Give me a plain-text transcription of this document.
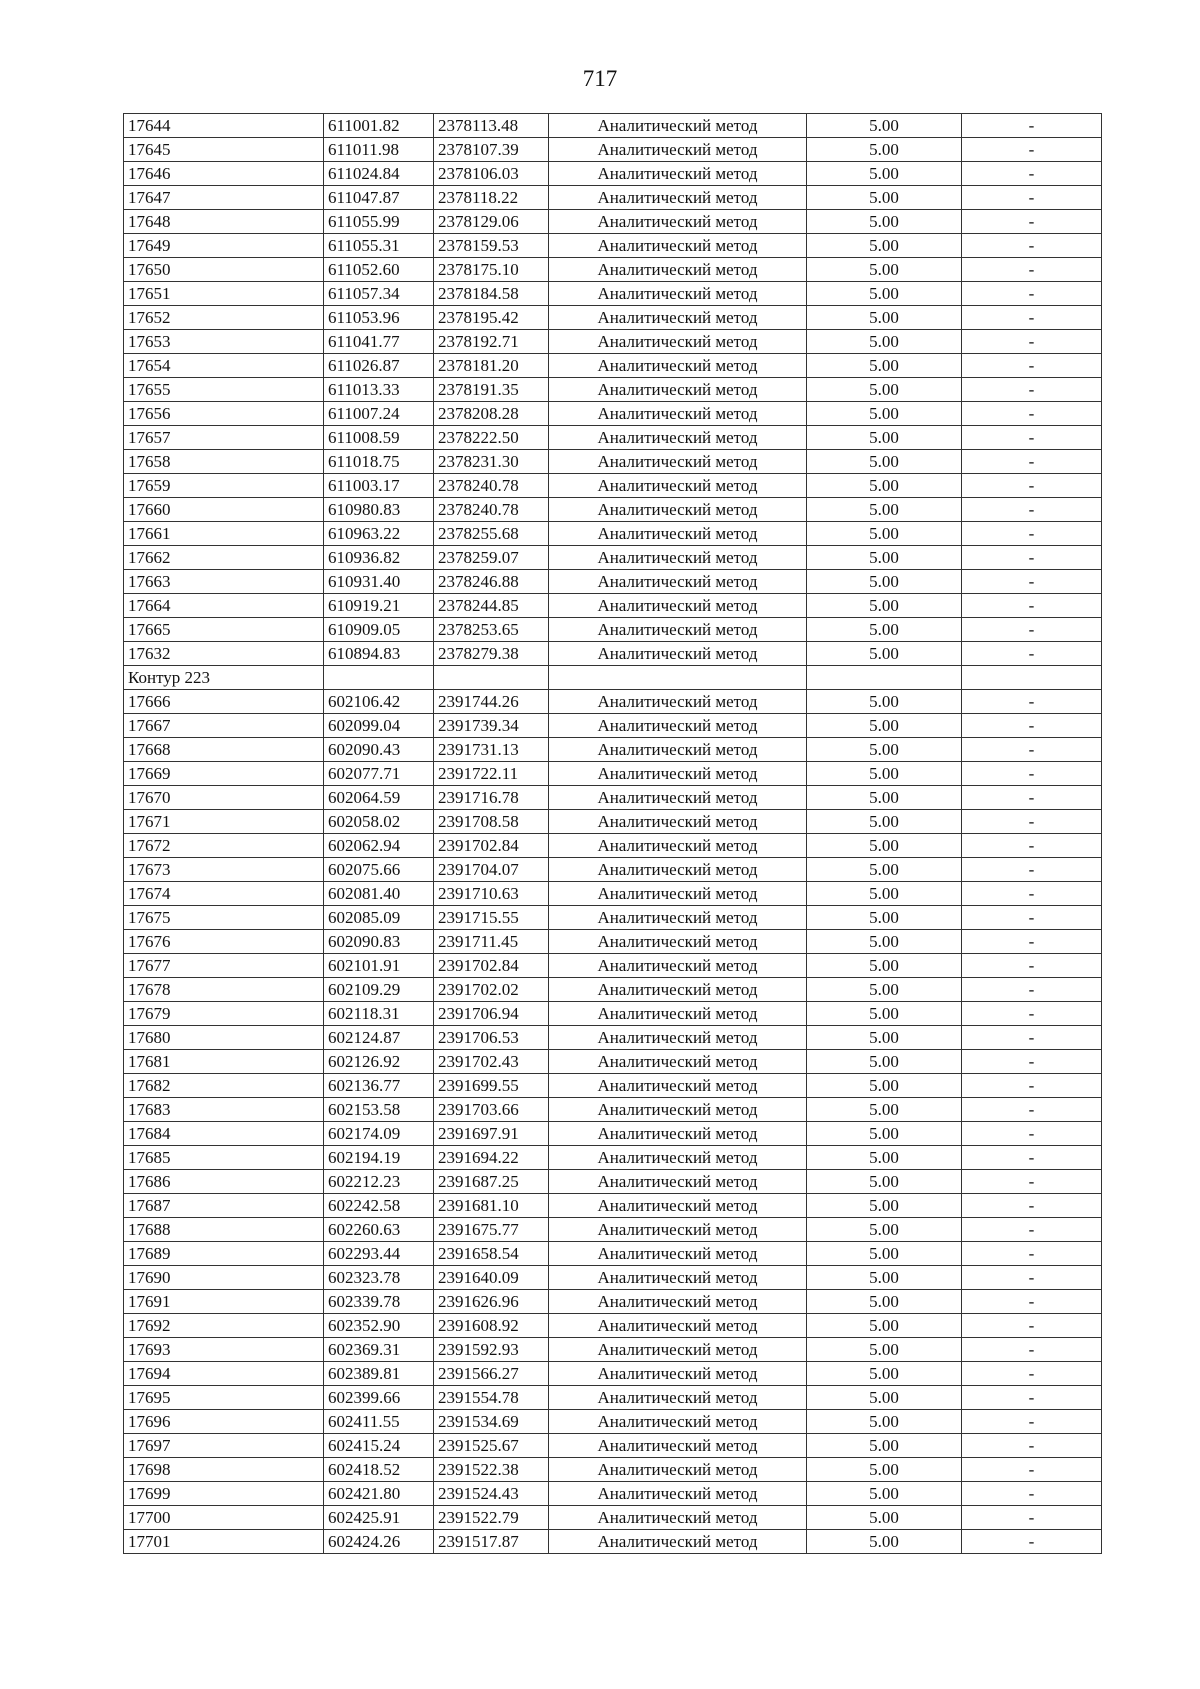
717
17644	611001.82	2378113.48	Аналитический метод	5.00	-
17645	611011.98	2378107.39	Аналитический метод	5.00	-
17646	611024.84	2378106.03	Аналитический метод	5.00	-
17647	611047.87	2378118.22	Аналитический метод	5.00	-
17648	611055.99	2378129.06	Аналитический метод	5.00	-
17649	611055.31	2378159.53	Аналитический метод	5.00	-
17650	611052.60	2378175.10	Аналитический метод	5.00	-
17651	611057.34	2378184.58	Аналитический метод	5.00	-
17652	611053.96	2378195.42	Аналитический метод	5.00	-
17653	611041.77	2378192.71	Аналитический метод	5.00	-
17654	611026.87	2378181.20	Аналитический метод	5.00	-
17655	611013.33	2378191.35	Аналитический метод	5.00	-
17656	611007.24	2378208.28	Аналитический метод	5.00	-
17657	611008.59	2378222.50	Аналитический метод	5.00	-
17658	611018.75	2378231.30	Аналитический метод	5.00	-
17659	611003.17	2378240.78	Аналитический метод	5.00	-
17660	610980.83	2378240.78	Аналитический метод	5.00	-
17661	610963.22	2378255.68	Аналитический метод	5.00	-
17662	610936.82	2378259.07	Аналитический метод	5.00	-
17663	610931.40	2378246.88	Аналитический метод	5.00	-
17664	610919.21	2378244.85	Аналитический метод	5.00	-
17665	610909.05	2378253.65	Аналитический метод	5.00	-
17632	610894.83	2378279.38	Аналитический метод	5.00	-
Контур 223					
17666	602106.42	2391744.26	Аналитический метод	5.00	-
17667	602099.04	2391739.34	Аналитический метод	5.00	-
17668	602090.43	2391731.13	Аналитический метод	5.00	-
17669	602077.71	2391722.11	Аналитический метод	5.00	-
17670	602064.59	2391716.78	Аналитический метод	5.00	-
17671	602058.02	2391708.58	Аналитический метод	5.00	-
17672	602062.94	2391702.84	Аналитический метод	5.00	-
17673	602075.66	2391704.07	Аналитический метод	5.00	-
17674	602081.40	2391710.63	Аналитический метод	5.00	-
17675	602085.09	2391715.55	Аналитический метод	5.00	-
17676	602090.83	2391711.45	Аналитический метод	5.00	-
17677	602101.91	2391702.84	Аналитический метод	5.00	-
17678	602109.29	2391702.02	Аналитический метод	5.00	-
17679	602118.31	2391706.94	Аналитический метод	5.00	-
17680	602124.87	2391706.53	Аналитический метод	5.00	-
17681	602126.92	2391702.43	Аналитический метод	5.00	-
17682	602136.77	2391699.55	Аналитический метод	5.00	-
17683	602153.58	2391703.66	Аналитический метод	5.00	-
17684	602174.09	2391697.91	Аналитический метод	5.00	-
17685	602194.19	2391694.22	Аналитический метод	5.00	-
17686	602212.23	2391687.25	Аналитический метод	5.00	-
17687	602242.58	2391681.10	Аналитический метод	5.00	-
17688	602260.63	2391675.77	Аналитический метод	5.00	-
17689	602293.44	2391658.54	Аналитический метод	5.00	-
17690	602323.78	2391640.09	Аналитический метод	5.00	-
17691	602339.78	2391626.96	Аналитический метод	5.00	-
17692	602352.90	2391608.92	Аналитический метод	5.00	-
17693	602369.31	2391592.93	Аналитический метод	5.00	-
17694	602389.81	2391566.27	Аналитический метод	5.00	-
17695	602399.66	2391554.78	Аналитический метод	5.00	-
17696	602411.55	2391534.69	Аналитический метод	5.00	-
17697	602415.24	2391525.67	Аналитический метод	5.00	-
17698	602418.52	2391522.38	Аналитический метод	5.00	-
17699	602421.80	2391524.43	Аналитический метод	5.00	-
17700	602425.91	2391522.79	Аналитический метод	5.00	-
17701	602424.26	2391517.87	Аналитический метод	5.00	-
